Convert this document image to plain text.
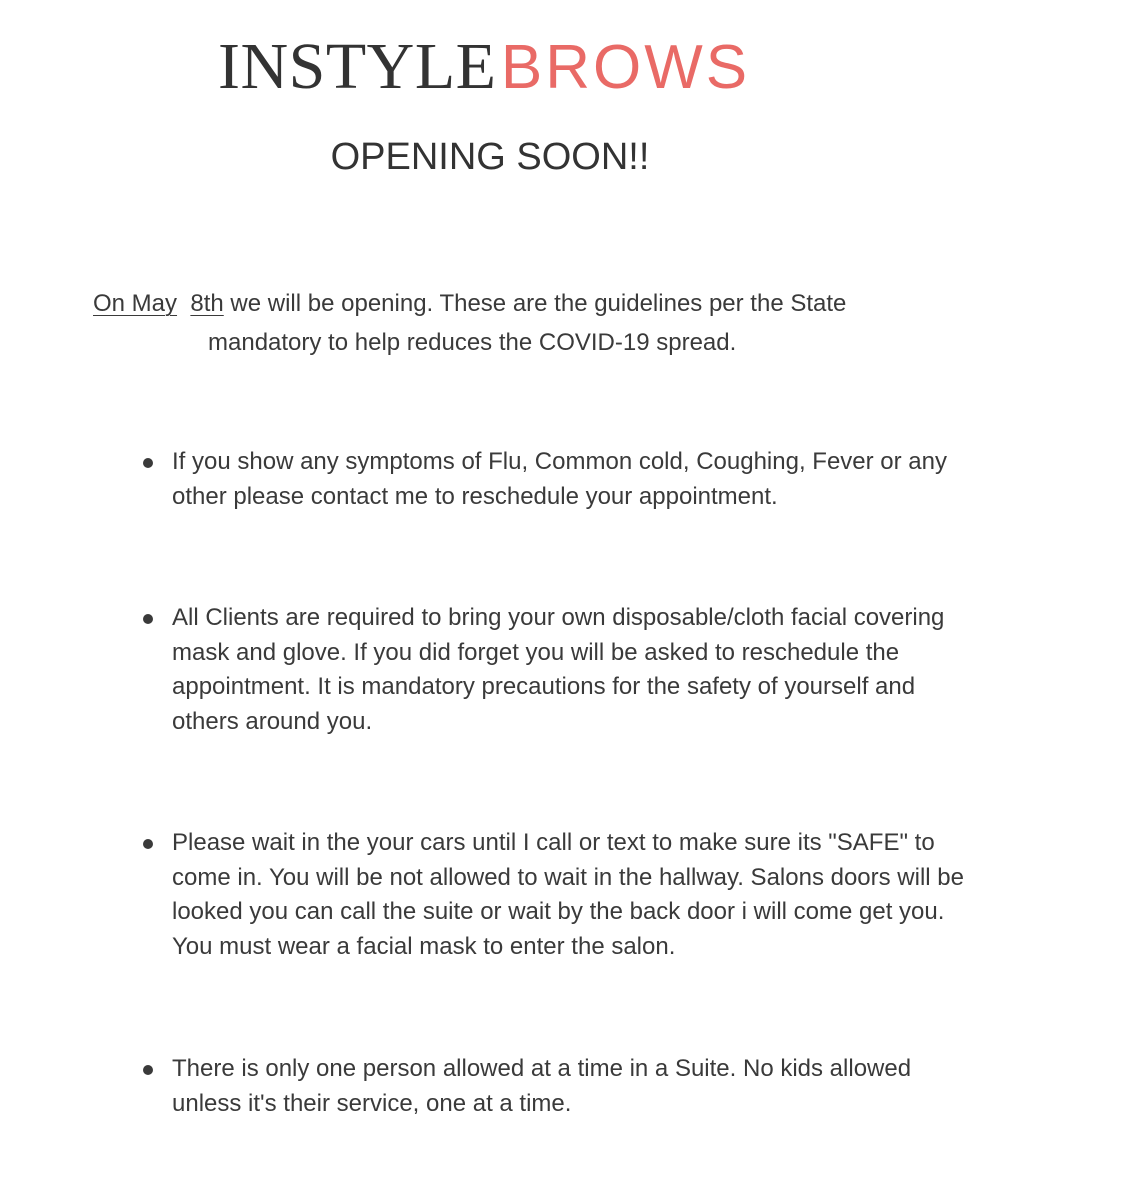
INSTYLE BROWS
OPENING SOON!!
On May 8th we will be opening. These are the guidelines per the State
mandatory to help reduces the COVID-19 spread.
If you show any symptoms of Flu, Common cold, Coughing, Fever or any other please contact me to reschedule your appointment.
All Clients are required to bring your own disposable/cloth facial covering mask and glove. If you did forget you will be asked to reschedule the appointment. It is mandatory precautions for the safety of yourself and others around you.
Please wait in the your cars until I call or text to make sure its "SAFE" to come in. You will be not allowed to wait in the hallway. Salons doors will be looked you can call the suite or wait by the back door i will come get you. You must wear a facial mask to enter the salon.
There is only one person allowed at a time in a Suite. No kids allowed unless it's their service, one at a time.
